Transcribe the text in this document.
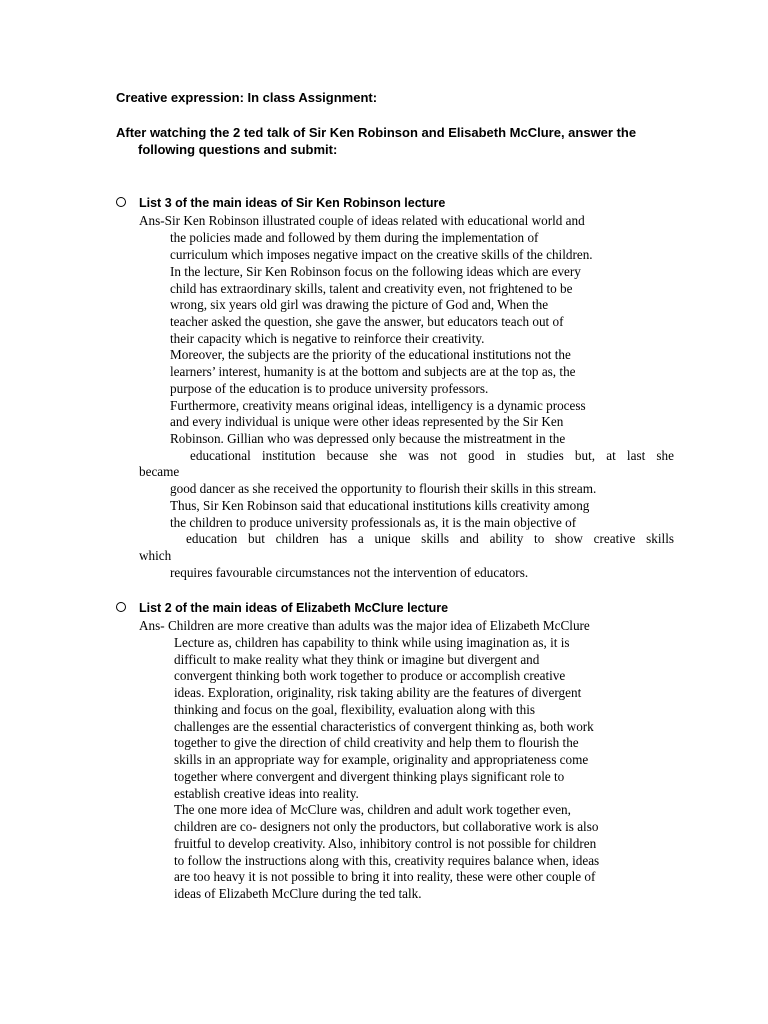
Creative expression: In class Assignment:
After watching the 2 ted talk of Sir Ken Robinson and Elisabeth McClure, answer the
following questions and submit:
List 3 of the main ideas of Sir Ken Robinson lecture
Ans-Sir Ken Robinson illustrated couple of ideas related with educational world and
the policies made and followed by them during the implementation of
curriculum which imposes negative impact on the creative skills of the children.
In the lecture, Sir Ken Robinson focus on the following ideas which are every
child has extraordinary skills, talent and creativity even, not frightened to be
wrong, six years old girl was drawing the picture of God and, When the
teacher asked the question, she gave the answer, but educators teach out of
their capacity which is negative to reinforce their creativity.
Moreover, the subjects are the priority of the educational institutions not the
learners’ interest, humanity is at the bottom and subjects are at the top as, the
purpose of the education is to produce university professors.
Furthermore, creativity means original ideas, intelligency is a dynamic process
and every individual is unique were other ideas represented by the Sir Ken
Robinson. Gillian who was depressed only because the mistreatment in the
educational institution because she was not good in studies but, at last she
became
good dancer as she received the opportunity to flourish their skills in this stream.
Thus, Sir Ken Robinson said that educational institutions kills creativity among
the children to produce university professionals as, it is the main objective of
education but children has a unique skills and ability to show creative skills
which
requires favourable circumstances not the intervention of educators.
List 2 of the main ideas of Elizabeth McClure lecture
Ans- Children are more creative than adults was the major idea of Elizabeth McClure
Lecture as, children has capability to think while using imagination as, it is
difficult to make reality what they think or imagine but divergent and
convergent thinking both work together to produce or accomplish creative
ideas. Exploration, originality, risk taking ability are the features of divergent
thinking and focus on the goal, flexibility, evaluation along with this
challenges are the essential characteristics of convergent thinking as, both work
together to give the direction of child creativity and help them to flourish the
skills in an appropriate way for example, originality and appropriateness come
together where convergent and divergent thinking plays significant role to
establish creative ideas into reality.
The one more idea of McClure was, children and adult work together even,
children are co- designers not only the productors, but collaborative work is also
fruitful to develop creativity. Also, inhibitory control is not possible for children
to follow the instructions along with this, creativity requires balance when, ideas
are too heavy it is not possible to bring it into reality, these were other couple of
ideas of Elizabeth McClure during the ted talk.
